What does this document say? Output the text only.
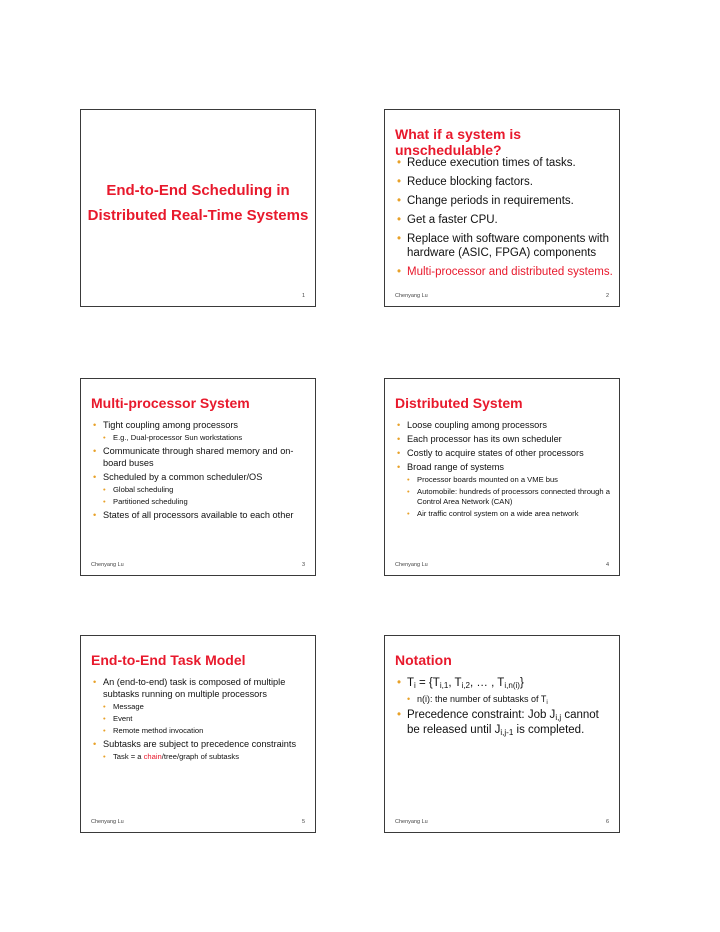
End-to-End Scheduling in
Distributed Real-Time Systems
1
What if a system is unschedulable?
• Reduce execution times of tasks.
• Reduce blocking factors.
• Change periods in requirements.
• Get a faster CPU.
• Replace with software components with hardware (ASIC, FPGA) components
• Multi-processor and distributed systems.
Chenyang Lu	2
Multi-processor System
• Tight coupling among processors
• E.g., Dual-processor Sun workstations
• Communicate through shared memory and on-board buses
• Scheduled by a common scheduler/OS
• Global scheduling
• Partitioned scheduling
• States of all processors available to each other
Chenyang Lu	3
Distributed System
• Loose coupling among processors
• Each processor has its own scheduler
• Costly to acquire states of other processors
• Broad range of systems
• Processor boards mounted on a VME bus
• Automobile: hundreds of processors connected through a Control Area Network (CAN)
• Air traffic control system on a wide area network
Chenyang Lu	4
End-to-End Task Model
• An (end-to-end) task is composed of multiple subtasks running on multiple processors
• Message
• Event
• Remote method invocation
• Subtasks are subject to precedence constraints
• Task = a chain/tree/graph of subtasks
Chenyang Lu	5
Notation
• $T_i = \{T_{i,1}$, $T_{i,2}$, … , $T_{i,n(i)}$}
• n(i): the number of subtasks of $T_i$
• Precedence constraint: Job $J_{i,j}$ cannot be released until $J_{i,j-1}$ is completed.
Chenyang Lu	6
